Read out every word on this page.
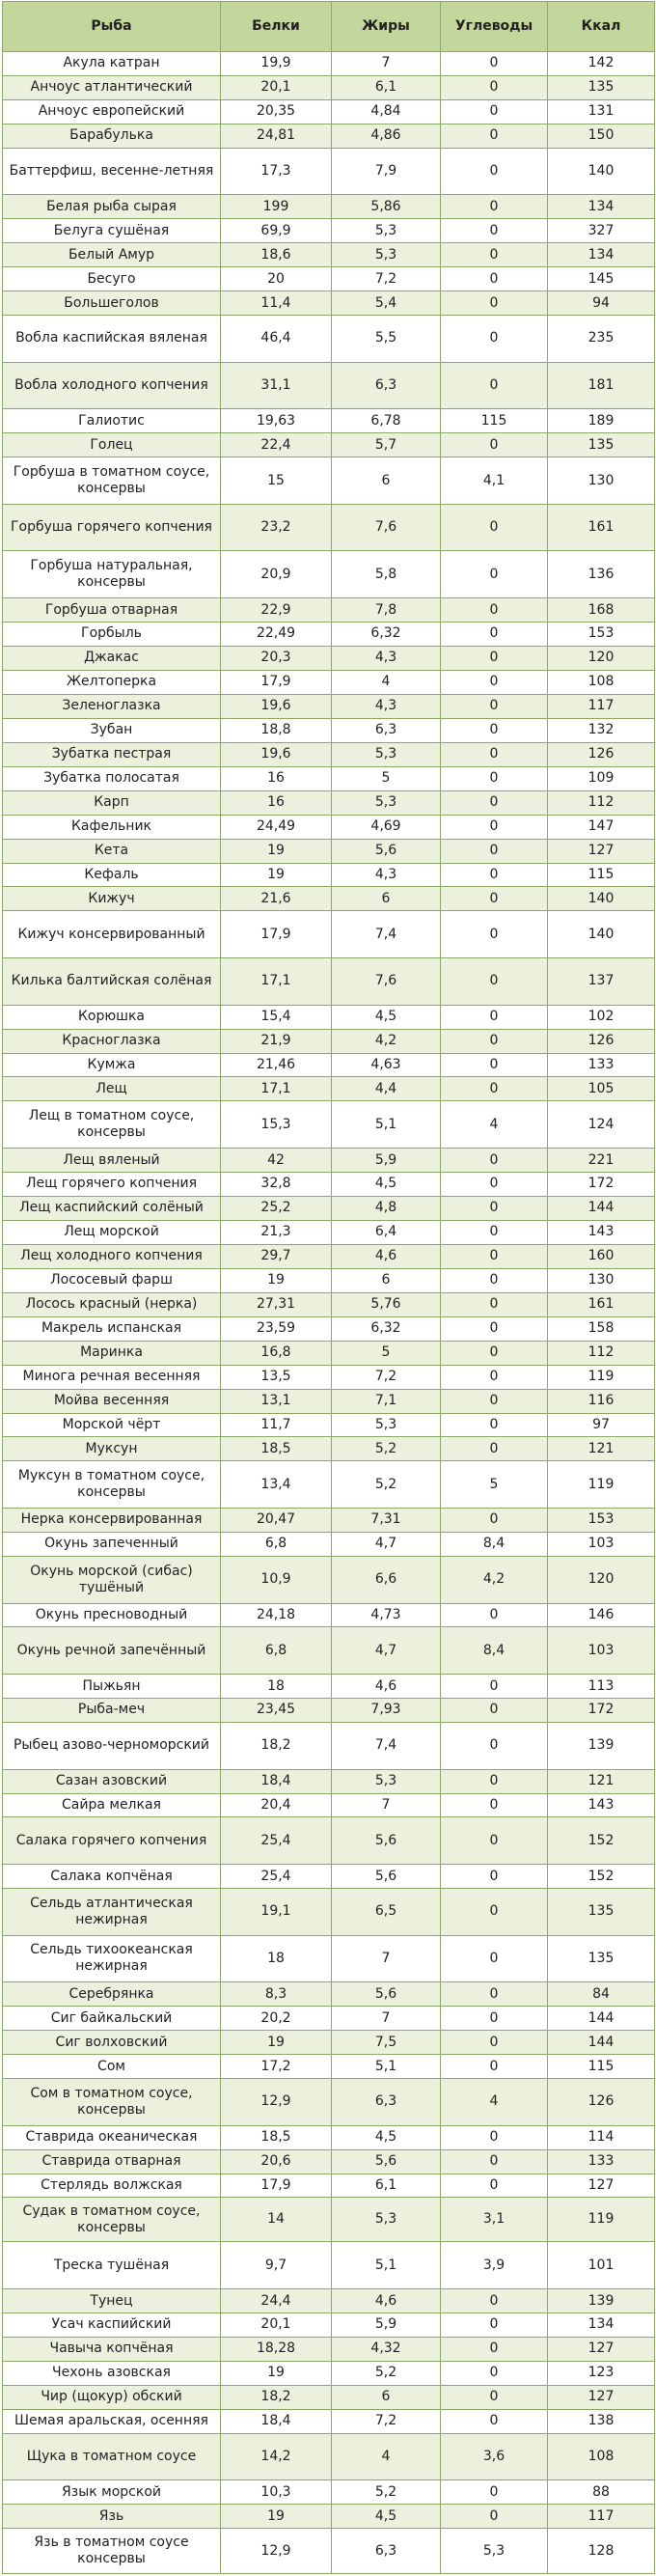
Рыба	Белки	Жиры	Углеводы	Ккал
Акула катран	19,9	7	0	142
Анчоус атлантический	20,1	6,1	0	135
Анчоус европейский	20,35	4,84	0	131
Барабулька	24,81	4,86	0	150
Баттерфиш, весенне-летняя	17,3	7,9	0	140
Белая рыба сырая	199	5,86	0	134
Белуга сушёная	69,9	5,3	0	327
Белый Амур	18,6	5,3	0	134
Бесуго	20	7,2	0	145
Большеголов	11,4	5,4	0	94
Вобла каспийская вяленая	46,4	5,5	0	235
Вобла холодного копчения	31,1	6,3	0	181
Галиотис	19,63	6,78	115	189
Голец	22,4	5,7	0	135
Горбуша в томатном соусе, консервы	15	6	4,1	130
Горбуша горячего копчения	23,2	7,6	0	161
Горбуша натуральная, консервы	20,9	5,8	0	136
Горбуша отварная	22,9	7,8	0	168
Горбыль	22,49	6,32	0	153
Джакас	20,3	4,3	0	120
Желтоперка	17,9	4	0	108
Зеленоглазка	19,6	4,3	0	117
Зубан	18,8	6,3	0	132
Зубатка пестрая	19,6	5,3	0	126
Зубатка полосатая	16	5	0	109
Карп	16	5,3	0	112
Кафельник	24,49	4,69	0	147
Кета	19	5,6	0	127
Кефаль	19	4,3	0	115
Кижуч	21,6	6	0	140
Кижуч консервированный	17,9	7,4	0	140
Килька балтийская солёная	17,1	7,6	0	137
Корюшка	15,4	4,5	0	102
Красноглазка	21,9	4,2	0	126
Кумжа	21,46	4,63	0	133
Лещ	17,1	4,4	0	105
Лещ в томатном соусе, консервы	15,3	5,1	4	124
Лещ вяленый	42	5,9	0	221
Лещ горячего копчения	32,8	4,5	0	172
Лещ каспийский солёный	25,2	4,8	0	144
Лещ морской	21,3	6,4	0	143
Лещ холодного копчения	29,7	4,6	0	160
Лососевый фарш	19	6	0	130
Лосось красный (нерка)	27,31	5,76	0	161
Макрель испанская	23,59	6,32	0	158
Маринка	16,8	5	0	112
Минога речная весенняя	13,5	7,2	0	119
Мойва весенняя	13,1	7,1	0	116
Морской чёрт	11,7	5,3	0	97
Муксун	18,5	5,2	0	121
Муксун в томатном соусе, консервы	13,4	5,2	5	119
Нерка консервированная	20,47	7,31	0	153
Окунь запеченный	6,8	4,7	8,4	103
Окунь морской (сибас) тушёный	10,9	6,6	4,2	120
Окунь пресноводный	24,18	4,73	0	146
Окунь речной запечённый	6,8	4,7	8,4	103
Пыжьян	18	4,6	0	113
Рыба-меч	23,45	7,93	0	172
Рыбец азово-черноморский	18,2	7,4	0	139
Сазан азовский	18,4	5,3	0	121
Сайра мелкая	20,4	7	0	143
Салака горячего копчения	25,4	5,6	0	152
Салака копчёная	25,4	5,6	0	152
Сельдь атлантическая нежирная	19,1	6,5	0	135
Сельдь тихоокеанская нежирная	18	7	0	135
Серебрянка	8,3	5,6	0	84
Сиг байкальский	20,2	7	0	144
Сиг волховский	19	7,5	0	144
Сом	17,2	5,1	0	115
Сом в томатном соусе, консервы	12,9	6,3	4	126
Ставрида океаническая	18,5	4,5	0	114
Ставрида отварная	20,6	5,6	0	133
Стерлядь волжская	17,9	6,1	0	127
Судак в томатном соусе, консервы	14	5,3	3,1	119
Треска тушёная	9,7	5,1	3,9	101
Тунец	24,4	4,6	0	139
Усач каспийский	20,1	5,9	0	134
Чавыча копчёная	18,28	4,32	0	127
Чехонь азовская	19	5,2	0	123
Чир (щокур) обский	18,2	6	0	127
Шемая аральская, осенняя	18,4	7,2	0	138
Щука в томатном соусе	14,2	4	3,6	108
Язык морской	10,3	5,2	0	88
Язь	19	4,5	0	117
Язь в томатном соусе консервы	12,9	6,3	5,3	128
